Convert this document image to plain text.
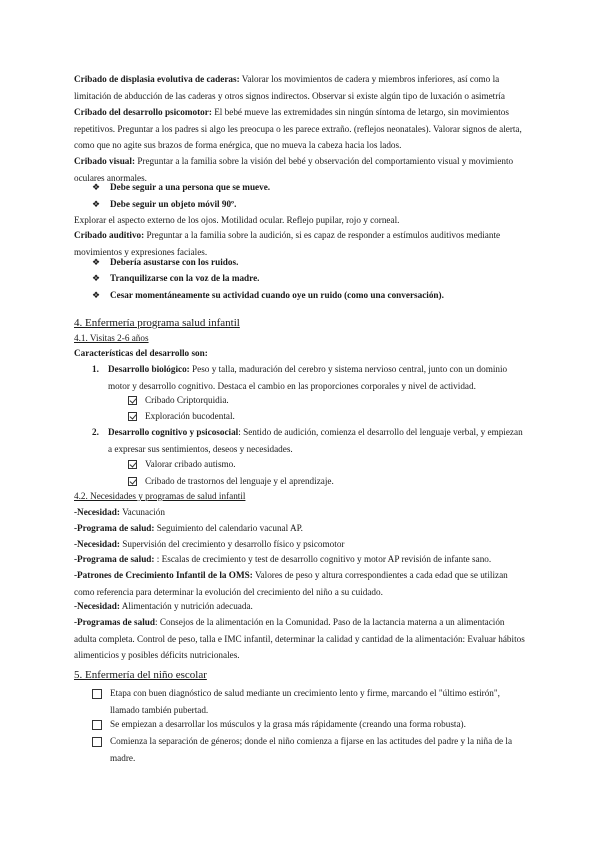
Cribado de displasia evolutiva de caderas: Valorar los movimientos de cadera y miembros inferiores, así como la limitación de abducción de las caderas y otros signos indirectos. Observar si existe algún tipo de luxación o asimetría
Cribado del desarrollo psicomotor: El bebé mueve las extremidades sin ningún síntoma de letargo, sin movimientos repetitivos. Preguntar a los padres si algo les preocupa o les parece extraño. (reflejos neonatales). Valorar signos de alerta, como que no agite sus brazos de forma enérgica, que no mueva la cabeza hacia los lados.
Cribado visual: Preguntar a la familia sobre la visión del bebé y observación del comportamiento visual y movimiento oculares anormales.
❖ Debe seguir a una persona que se mueve.
❖ Debe seguir un objeto móvil 90º.
Explorar el aspecto externo de los ojos. Motilidad ocular. Reflejo pupilar, rojo y corneal.
Cribado auditivo: Preguntar a la familia sobre la audición, si es capaz de responder a estímulos auditivos mediante movimientos y expresiones faciales.
❖ Debería asustarse con los ruidos.
❖ Tranquilizarse con la voz de la madre.
❖ Cesar momentáneamente su actividad cuando oye un ruido (como una conversación).
4. Enfermería programa salud infantil
4.1. Visitas 2-6 años
Características del desarrollo son:
1. Desarrollo biológico: Peso y talla, maduración del cerebro y sistema nervioso central, junto con un dominio motor y desarrollo cognitivo. Destaca el cambio en las proporciones corporales y nivel de actividad.
Cribado Criptorquidia.
Exploración bucodental.
2. Desarrollo cognitivo y psicosocial: Sentido de audición, comienza el desarrollo del lenguaje verbal, y empiezan a expresar sus sentimientos, deseos y necesidades.
Valorar cribado autismo.
Cribado de trastornos del lenguaje y el aprendizaje.
4.2. Necesidades y programas de salud infantil
-Necesidad: Vacunación
-Programa de salud: Seguimiento del calendario vacunal AP.
-Necesidad: Supervisión del crecimiento y desarrollo físico y psicomotor
-Programa de salud: : Escalas de crecimiento y test de desarrollo cognitivo y motor AP revisión de infante sano.
-Patrones de Crecimiento Infantil de la OMS: Valores de peso y altura correspondientes a cada edad que se utilizan como referencia para determinar la evolución del crecimiento del niño a su cuidado.
-Necesidad: Alimentación y nutrición adecuada.
-Programas de salud: Consejos de la alimentación en la Comunidad. Paso de la lactancia materna a un alimentación adulta completa. Control de peso, talla e IMC infantil, determinar la calidad y cantidad de la alimentación: Evaluar hábitos alimenticios y posibles déficits nutricionales.
5. Enfermería del niño escolar
Etapa con buen diagnóstico de salud mediante un crecimiento lento y firme, marcando el "último estirón", llamado también pubertad.
Se empiezan a desarrollar los músculos y la grasa más rápidamente (creando una forma robusta).
Comienza la separación de géneros; donde el niño comienza a fijarse en las actitudes del padre y la niña de la madre.
